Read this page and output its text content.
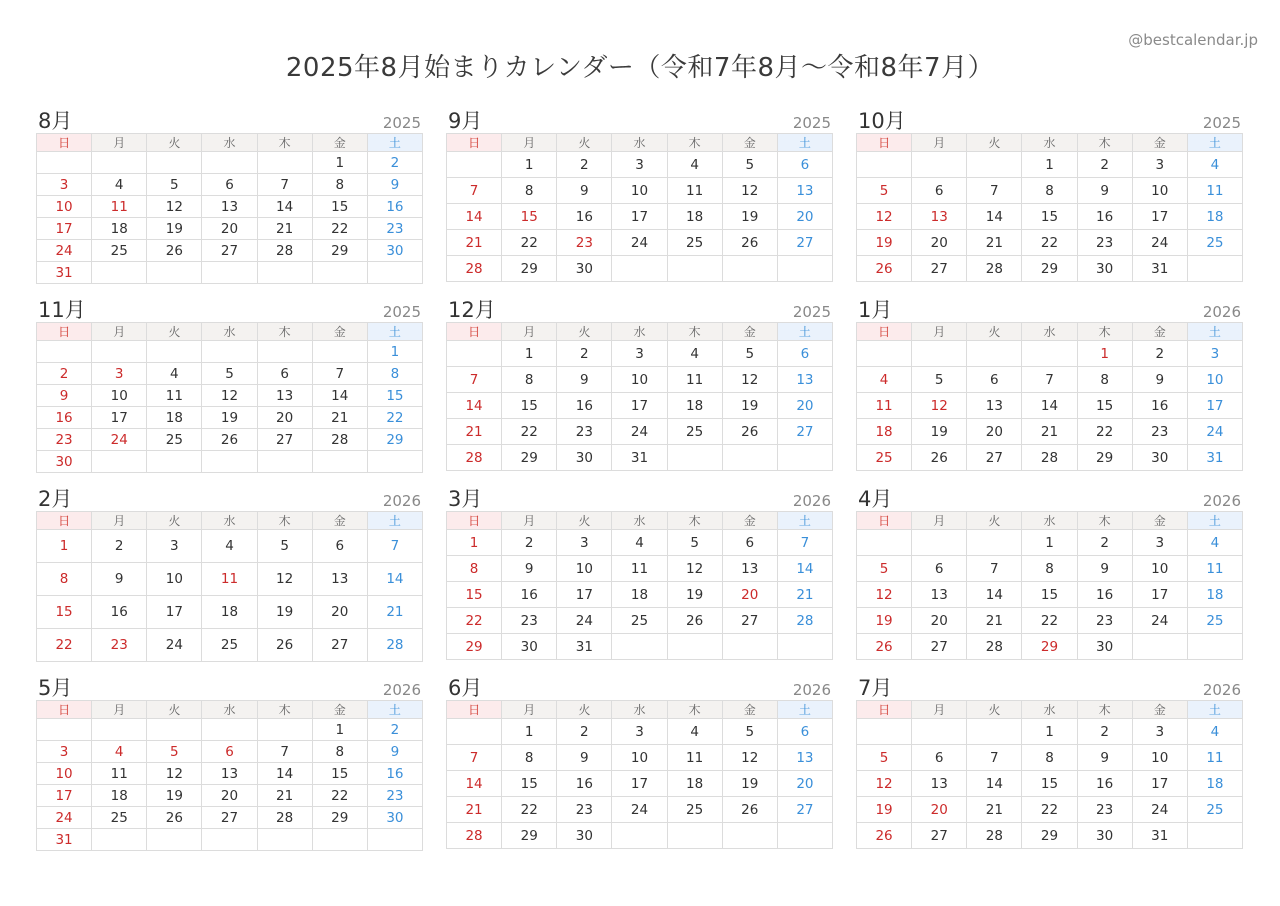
@bestcalendar.jp
2025年8月始まりカレンダー（令和7年8月〜令和8年7月）
8月	2025
日	月	火	水	木	金	土
					1	2
3	4	5	6	7	8	9
10	11	12	13	14	15	16
17	18	19	20	21	22	23
24	25	26	27	28	29	30
31						
9月	2025
日	月	火	水	木	金	土
	1	2	3	4	5	6
7	8	9	10	11	12	13
14	15	16	17	18	19	20
21	22	23	24	25	26	27
28	29	30				
10月	2025
日	月	火	水	木	金	土
			1	2	3	4
5	6	7	8	9	10	11
12	13	14	15	16	17	18
19	20	21	22	23	24	25
26	27	28	29	30	31	
11月	2025
日	月	火	水	木	金	土
						1
2	3	4	5	6	7	8
9	10	11	12	13	14	15
16	17	18	19	20	21	22
23	24	25	26	27	28	29
30						
12月	2025
日	月	火	水	木	金	土
	1	2	3	4	5	6
7	8	9	10	11	12	13
14	15	16	17	18	19	20
21	22	23	24	25	26	27
28	29	30	31			
1月	2026
日	月	火	水	木	金	土
				1	2	3
4	5	6	7	8	9	10
11	12	13	14	15	16	17
18	19	20	21	22	23	24
25	26	27	28	29	30	31
2月	2026
日	月	火	水	木	金	土
1	2	3	4	5	6	7
8	9	10	11	12	13	14
15	16	17	18	19	20	21
22	23	24	25	26	27	28
3月	2026
日	月	火	水	木	金	土
1	2	3	4	5	6	7
8	9	10	11	12	13	14
15	16	17	18	19	20	21
22	23	24	25	26	27	28
29	30	31				
4月	2026
日	月	火	水	木	金	土
			1	2	3	4
5	6	7	8	9	10	11
12	13	14	15	16	17	18
19	20	21	22	23	24	25
26	27	28	29	30		
5月	2026
日	月	火	水	木	金	土
					1	2
3	4	5	6	7	8	9
10	11	12	13	14	15	16
17	18	19	20	21	22	23
24	25	26	27	28	29	30
31						
6月	2026
日	月	火	水	木	金	土
	1	2	3	4	5	6
7	8	9	10	11	12	13
14	15	16	17	18	19	20
21	22	23	24	25	26	27
28	29	30				
7月	2026
日	月	火	水	木	金	土
			1	2	3	4
5	6	7	8	9	10	11
12	13	14	15	16	17	18
19	20	21	22	23	24	25
26	27	28	29	30	31	
